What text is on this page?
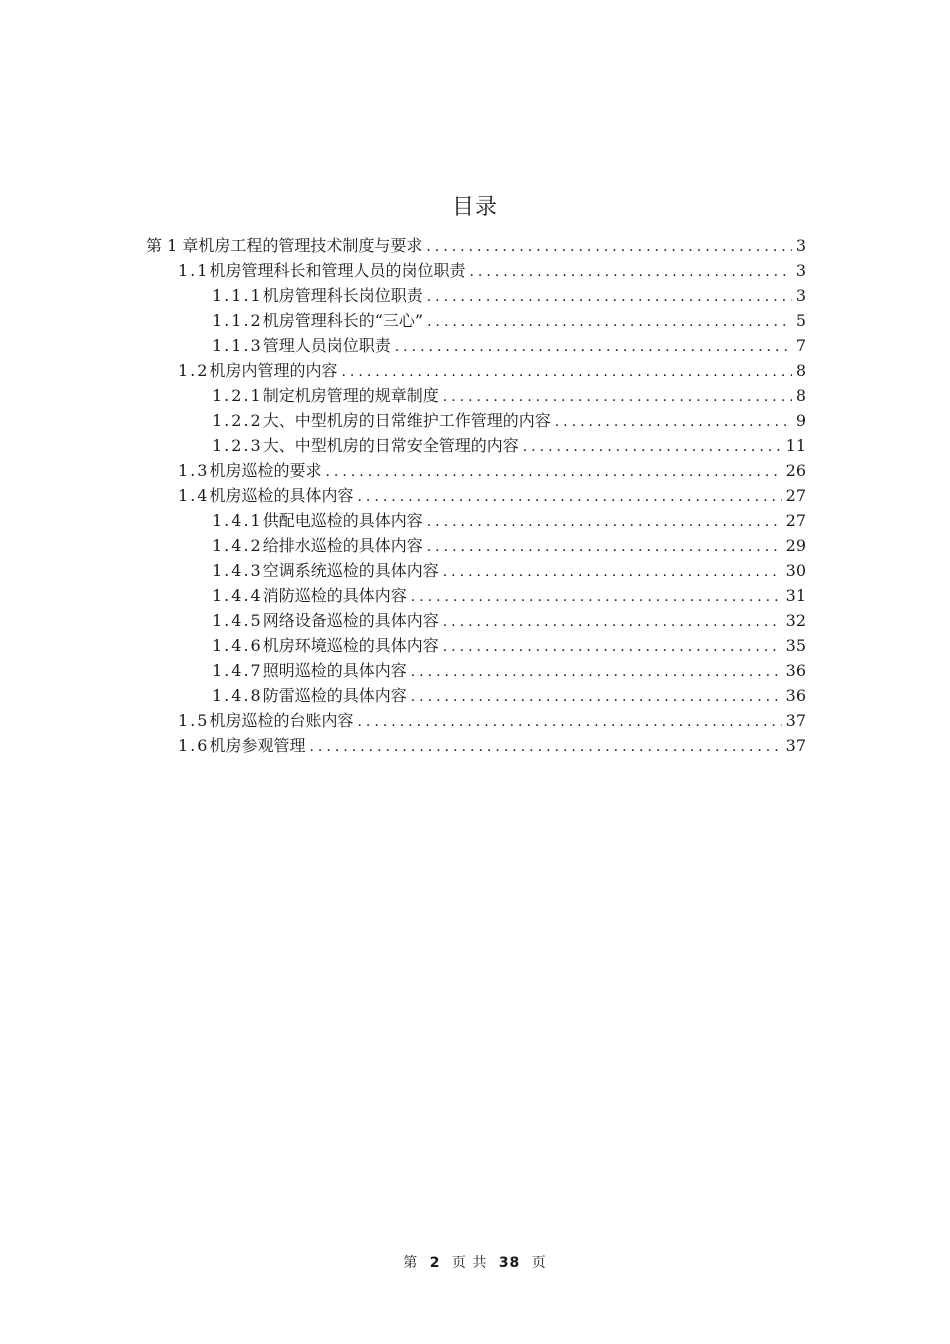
目录
第 1 章机房工程的管理技术制度与要求 .....	3
1.1 机房管理科长和管理人员的岗位职责 .....	3
1.1.1 机房管理科长岗位职责 .....	3
1.1.2 机房管理科长的“三心” .....	5
1.1.3 管理人员岗位职责 .....	7
1.2 机房内管理的内容 .....	8
1.2.1 制定机房管理的规章制度 .....	8
1.2.2 大、中型机房的日常维护工作管理的内容 .....	9
1.2.3 大、中型机房的日常安全管理的内容 .....	11
1.3 机房巡检的要求 .....	26
1.4 机房巡检的具体内容 .....	27
1.4.1 供配电巡检的具体内容 .....	27
1.4.2 给排水巡检的具体内容 .....	29
1.4.3 空调系统巡检的具体内容 .....	30
1.4.4 消防巡检的具体内容 .....	31
1.4.5 网络设备巡检的具体内容 .....	32
1.4.6 机房环境巡检的具体内容 .....	35
1.4.7 照明巡检的具体内容 .....	36
1.4.8 防雷巡检的具体内容 .....	36
1.5 机房巡检的台账内容 .....	37
1.6 机房参观管理 .....	37
第 2 页 共 38 页
